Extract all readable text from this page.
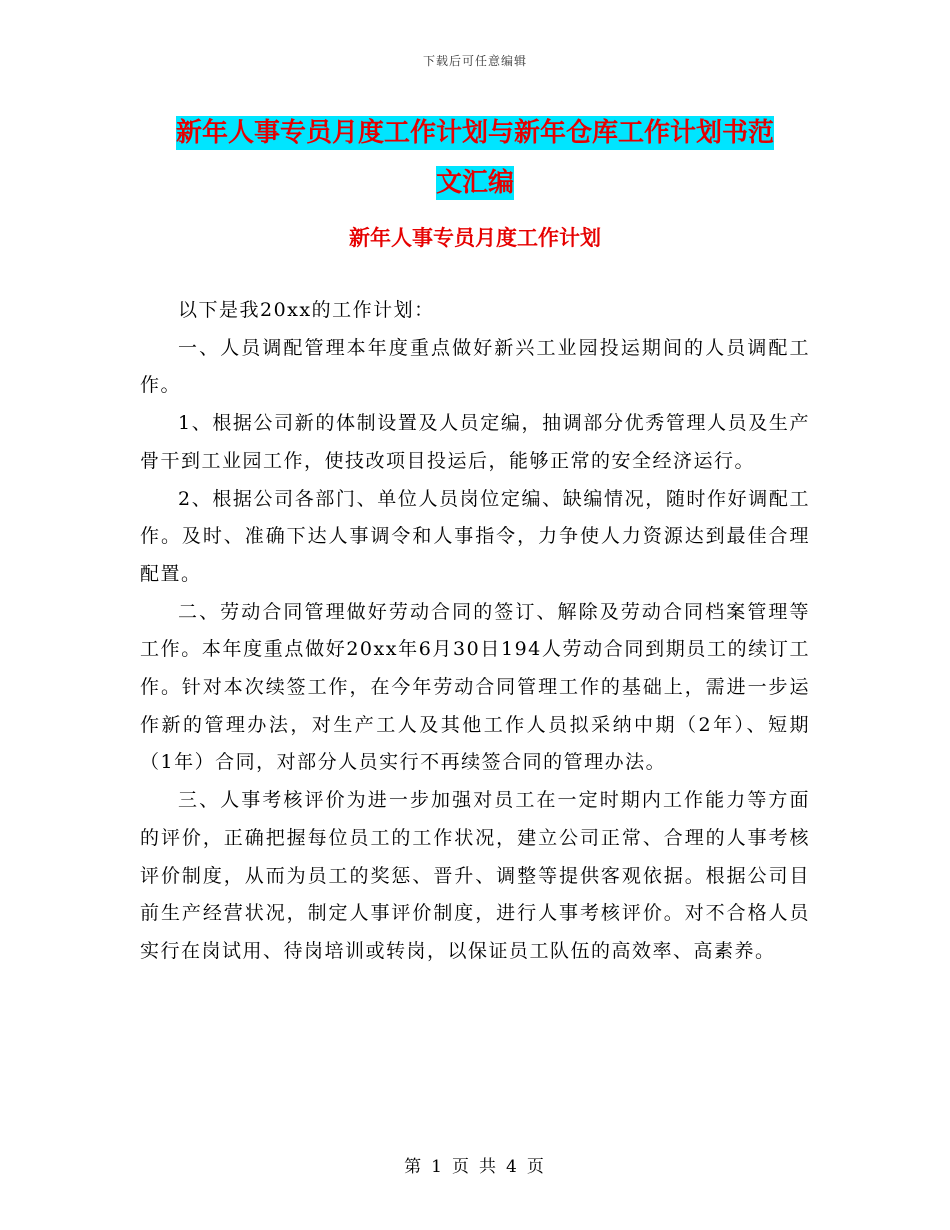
下载后可任意编辑
新年人事专员月度工作计划与新年仓库工作计划书范
文汇编
新年人事专员月度工作计划

以下是我20xx的工作计划：

一、人员调配管理本年度重点做好新兴工业园投运期间的人员调配工作。

1、根据公司新的体制设置及人员定编，抽调部分优秀管理人员及生产骨干到工业园工作，使技改项目投运后，能够正常的安全经济运行。

2、根据公司各部门、单位人员岗位定编、缺编情况，随时作好调配工作。及时、准确下达人事调令和人事指令，力争使人力资源达到最佳合理配置。

二、劳动合同管理做好劳动合同的签订、解除及劳动合同档案管理等工作。本年度重点做好20xx年6月30日194人劳动合同到期员工的续订工作。针对本次续签工作，在今年劳动合同管理工作的基础上，需进一步运作新的管理办法，对生产工人及其他工作人员拟采纳中期（2年）、短期（1年）合同，对部分人员实行不再续签合同的管理办法。

三、人事考核评价为进一步加强对员工在一定时期内工作能力等方面的评价，正确把握每位员工的工作状况，建立公司正常、合理的人事考核评价制度，从而为员工的奖惩、晋升、调整等提供客观依据。根据公司目前生产经营状况，制定人事评价制度，进行人事考核评价。对不合格人员实行在岗试用、待岗培训或转岗，以保证员工队伍的高效率、高素养。

第 1 页 共 4 页
